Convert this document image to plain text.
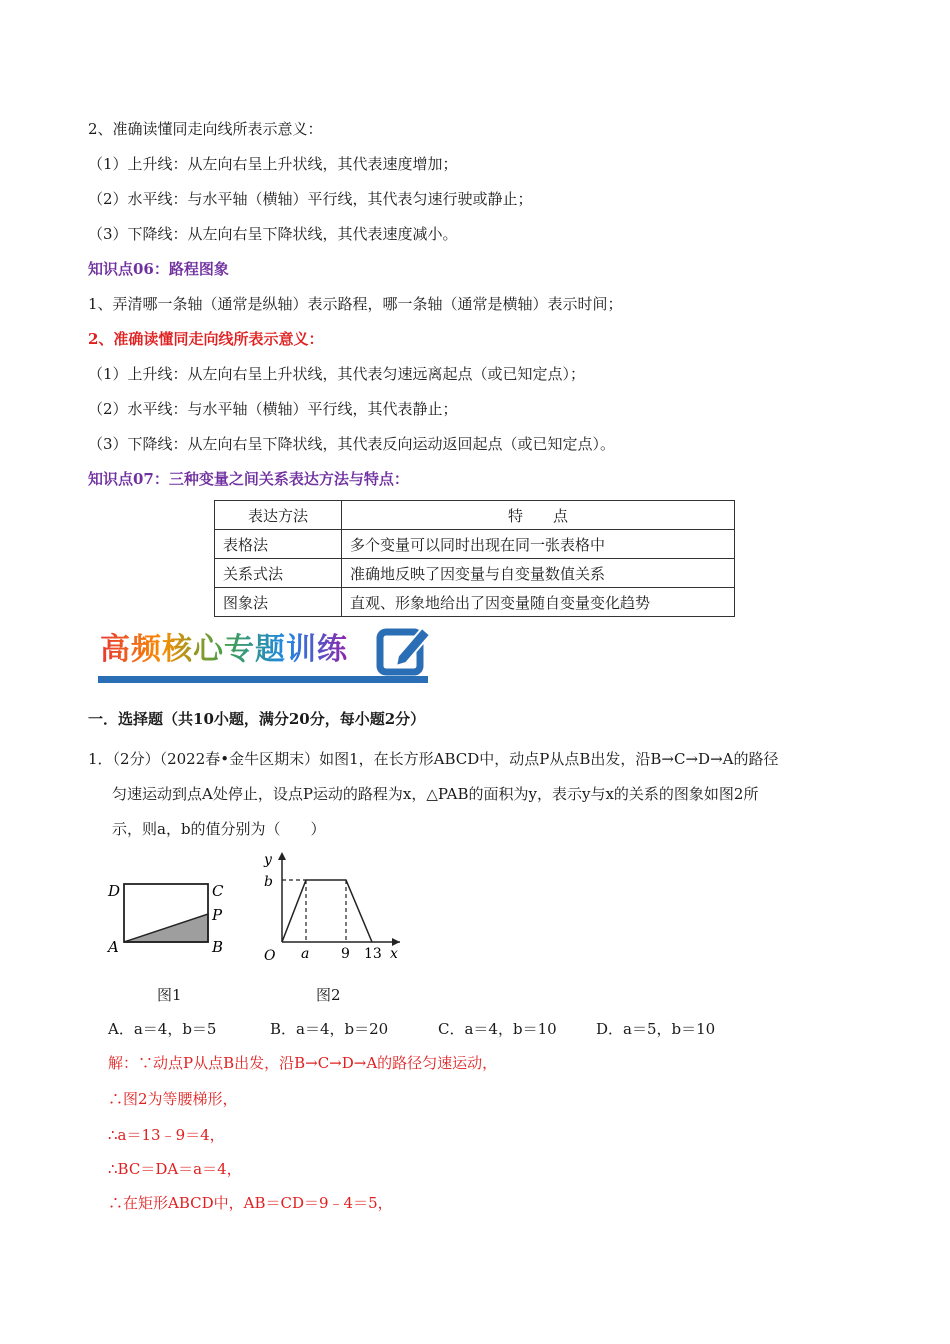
2、准确读懂同走向线所表示意义：
（1）上升线：从左向右呈上升状线，其代表速度增加；
（2）水平线：与水平轴（横轴）平行线，其代表匀速行驶或静止；
（3）下降线：从左向右呈下降状线，其代表速度减小。
知识点06：路程图象
1、弄清哪一条轴（通常是纵轴）表示路程，哪一条轴（通常是横轴）表示时间；
2、准确读懂同走向线所表示意义：
（1）上升线：从左向右呈上升状线，其代表匀速远离起点（或已知定点）；
（2）水平线：与水平轴（横轴）平行线，其代表静止；
（3）下降线：从左向右呈下降状线，其代表反向运动返回起点（或已知定点）。
知识点07：三种变量之间关系表达方法与特点：
表达方法	特　　点
表格法	多个变量可以同时出现在同一张表格中
关系式法	准确地反映了因变量与自变量数值关系
图象法	直观、形象地给出了因变量随自变量变化趋势
高频核心专题训练
一．选择题（共10小题，满分20分，每小题2分）
1．（2分）（2022春•金牛区期末）如图1，在长方形ABCD中，动点P从点B出发，沿B→C→D→A的路径
匀速运动到点A处停止，设点P运动的路程为x，△PAB的面积为y，表示y与x的关系的图象如图2所
示，则a，b的值分别为（　　）
D	C
P
A	B
y
b
O a 9 13 x
图1	图2
A．a＝4，b＝5	B．a＝4，b＝20	C．a＝4，b＝10	D．a＝5，b＝10
解：∵动点P从点B出发，沿B→C→D→A的路径匀速运动，
∴图2为等腰梯形，
∴a＝13﹣9＝4，
∴BC＝DA＝a＝4，
∴在矩形ABCD中，AB＝CD＝9﹣4＝5，
